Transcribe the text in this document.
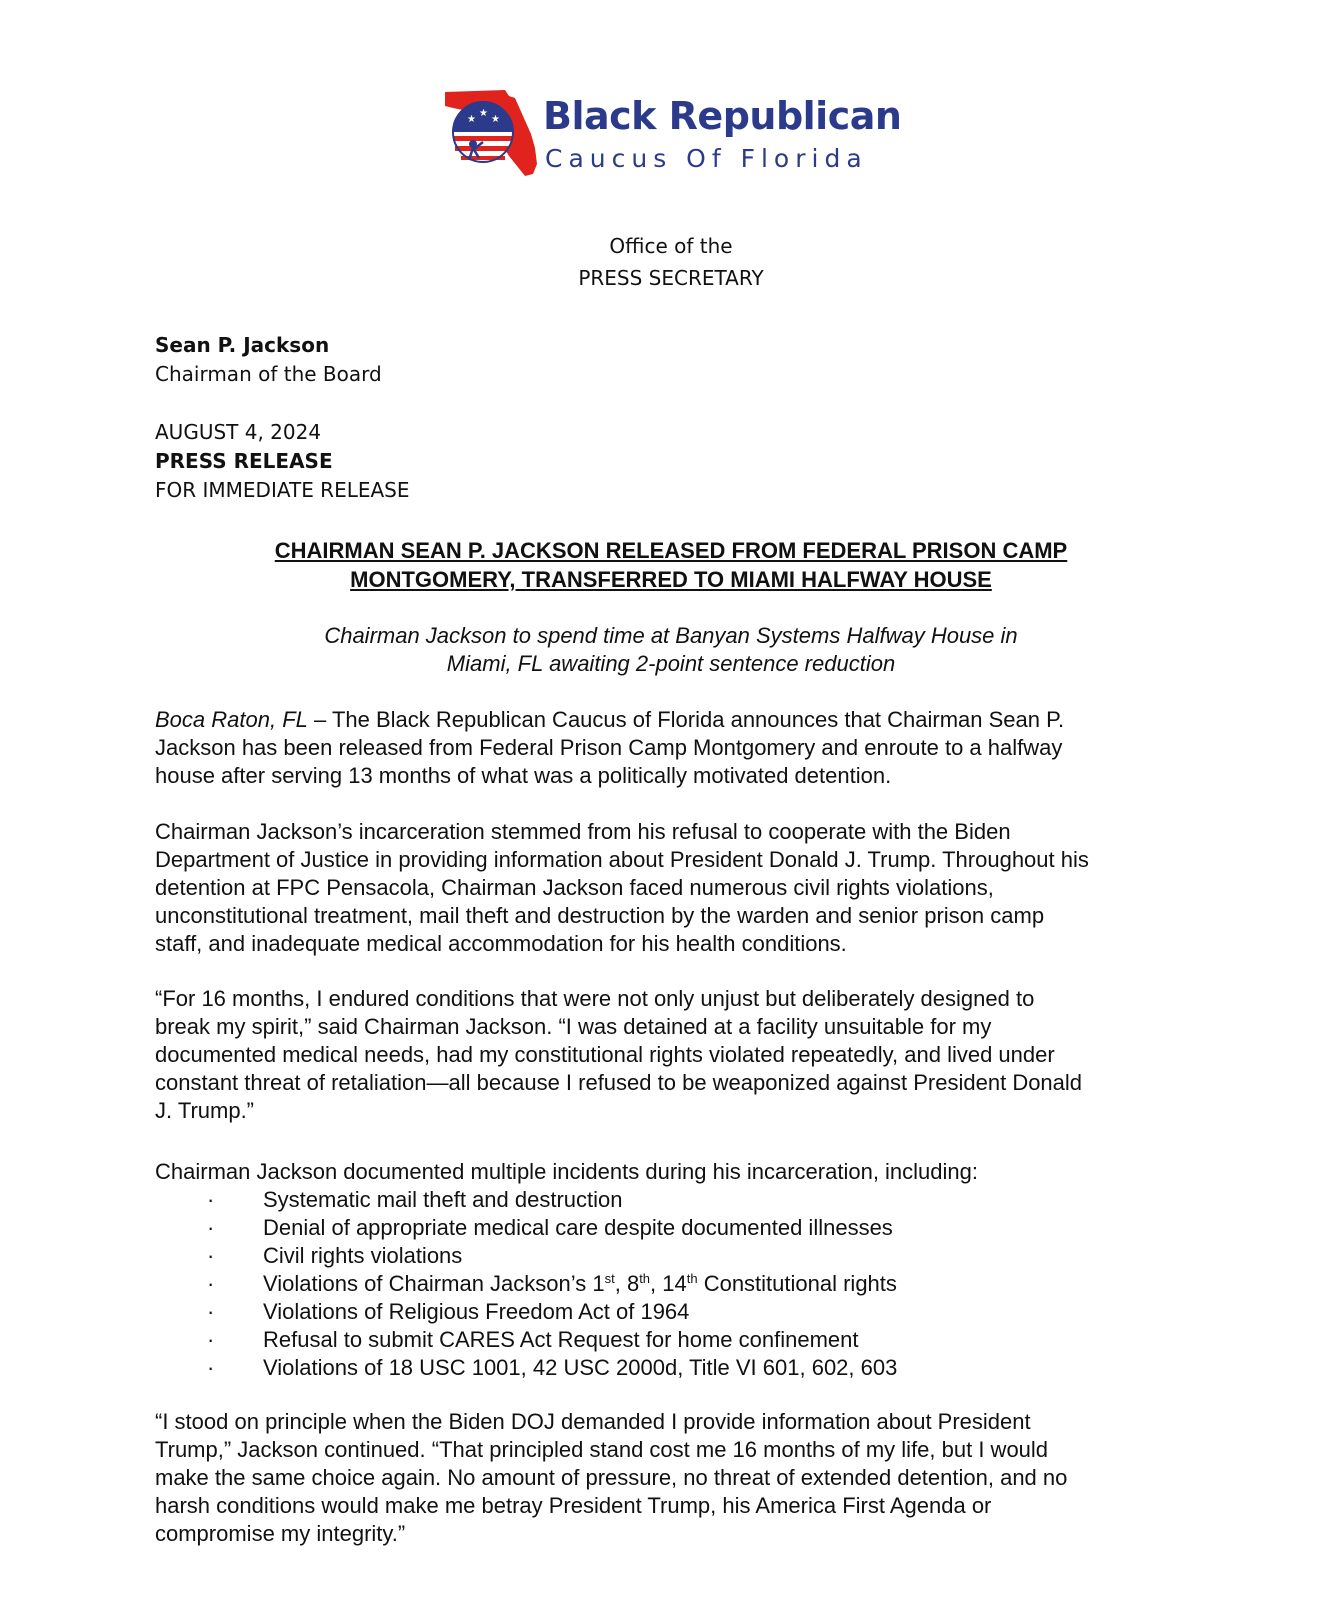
★
★
★ Black Republican
Caucus Of Florida
Office of the
PRESS SECRETARY
Sean P. Jackson
Chairman of the Board
AUGUST 4, 2024
PRESS RELEASE
FOR IMMEDIATE RELEASE
CHAIRMAN SEAN P. JACKSON RELEASED FROM FEDERAL PRISON CAMP
MONTGOMERY, TRANSFERRED TO MIAMI HALFWAY HOUSE
Chairman Jackson to spend time at Banyan Systems Halfway House in
Miami, FL awaiting 2-point sentence reduction
Boca Raton, FL – The Black Republican Caucus of Florida announces that Chairman Sean P.
Jackson has been released from Federal Prison Camp Montgomery and enroute to a halfway
house after serving 13 months of what was a politically motivated detention.
Chairman Jackson’s incarceration stemmed from his refusal to cooperate with the Biden
Department of Justice in providing information about President Donald J. Trump. Throughout his
detention at FPC Pensacola, Chairman Jackson faced numerous civil rights violations,
unconstitutional treatment, mail theft and destruction by the warden and senior prison camp
staff, and inadequate medical accommodation for his health conditions.
“For 16 months, I endured conditions that were not only unjust but deliberately designed to
break my spirit,” said Chairman Jackson. “I was detained at a facility unsuitable for my
documented medical needs, had my constitutional rights violated repeatedly, and lived under
constant threat of retaliation—all because I refused to be weaponized against President Donald
J. Trump.”
Chairman Jackson documented multiple incidents during his incarceration, including:
· Systematic mail theft and destruction
· Denial of appropriate medical care despite documented illnesses
· Civil rights violations
· Violations of Chairman Jackson’s 1st, 8th, 14th Constitutional rights
· Violations of Religious Freedom Act of 1964
· Refusal to submit CARES Act Request for home confinement
· Violations of 18 USC 1001, 42 USC 2000d, Title VI 601, 602, 603
“I stood on principle when the Biden DOJ demanded I provide information about President
Trump,” Jackson continued. “That principled stand cost me 16 months of my life, but I would
make the same choice again. No amount of pressure, no threat of extended detention, and no
harsh conditions would make me betray President Trump, his America First Agenda or
compromise my integrity.”
